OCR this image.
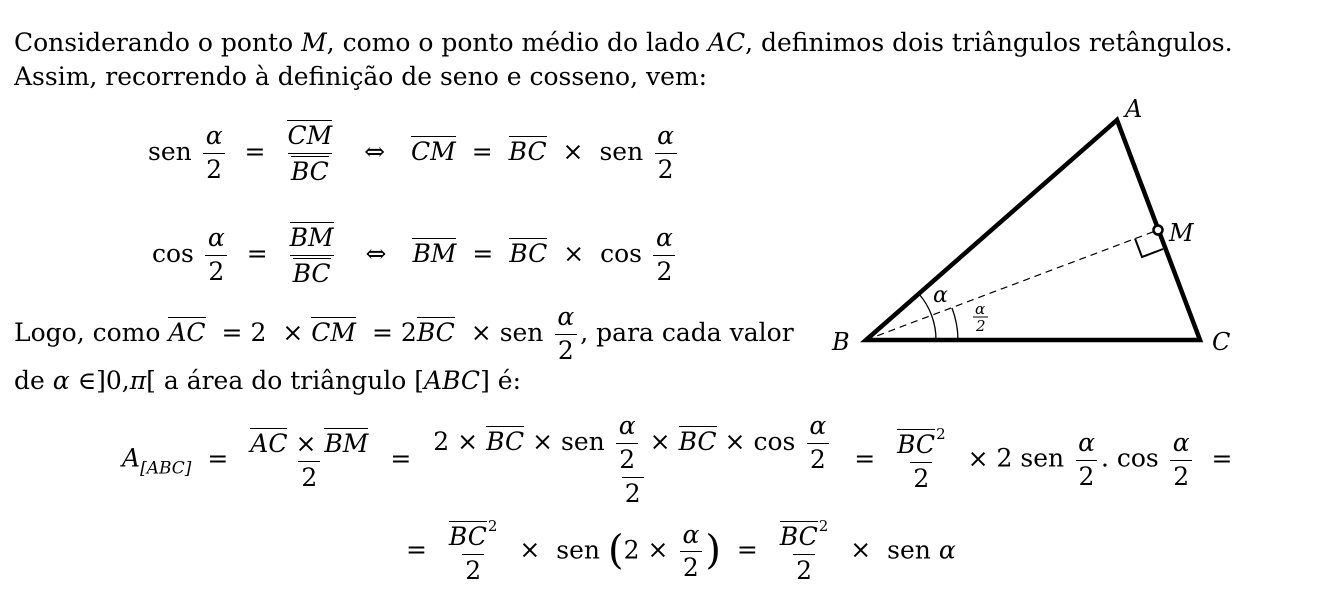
Considerando o ponto M, como o ponto médio do lado AC, definimos dois triângulos retângulos.
Assim, recorrendo à definição de seno e cosseno, vem:
sen $\frac{\alpha}{2} = \frac{CM}{BC}$ ⇔ CM = BC × sen $\frac{\alpha}{2}$
$\cos \frac{\alpha}{2} = \frac{BM}{BC}$ ⇔ BM = BC × $\cos \frac{\alpha}{2}$
Logo, como AC = 2 × CM = 2BC × sen $\frac{\alpha}{2}$ , para cada valor
de α ∈]0,π[ a área do triângulo [ABC] é:
$A_{[ABC]} = \frac{AC \times BM}{2} = \frac{2 \times BC \times sen \frac{\alpha}{2} \times BC \times \cos \frac{\alpha}{2}}{2} = \frac{BC^2}{2} \times 2$ sen $\frac{\alpha}{2}$ . $\cos \frac{\alpha}{2}$ =
= $\frac{BC^2}{2}$ × sen ($2 \times \frac{\alpha}{2}$ ) = $\frac{BC^2}{2}$ × sen α
A
B	C
M
α
α
2
